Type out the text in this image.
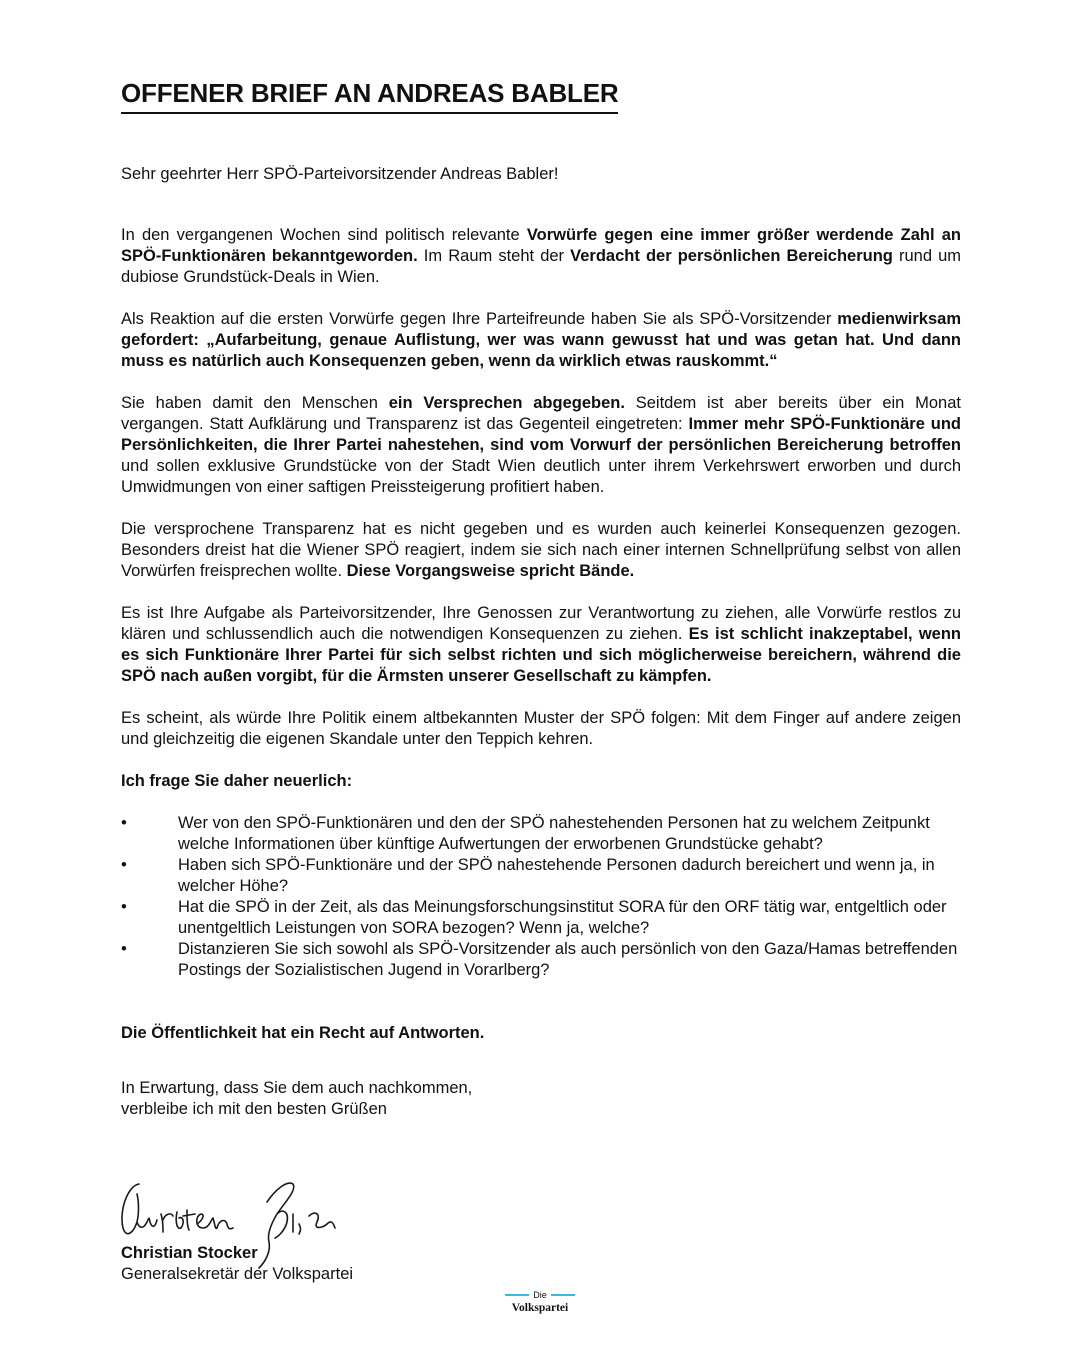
OFFENER BRIEF AN ANDREAS BABLER
Sehr geehrter Herr SPÖ-Parteivorsitzender Andreas Babler!
In den vergangenen Wochen sind politisch relevante Vorwürfe gegen eine immer größer werdende Zahl an SPÖ-Funktionären bekanntgeworden. Im Raum steht der Verdacht der persönlichen Bereicherung rund um dubiose Grundstück-Deals in Wien.
Als Reaktion auf die ersten Vorwürfe gegen Ihre Parteifreunde haben Sie als SPÖ-Vorsitzender medienwirksam gefordert: „Aufarbeitung, genaue Auflistung, wer was wann gewusst hat und was getan hat. Und dann muss es natürlich auch Konsequenzen geben, wenn da wirklich etwas rauskommt.“
Sie haben damit den Menschen ein Versprechen abgegeben. Seitdem ist aber bereits über ein Monat vergangen. Statt Aufklärung und Transparenz ist das Gegenteil eingetreten: Immer mehr SPÖ-Funktionäre und Persönlichkeiten, die Ihrer Partei nahestehen, sind vom Vorwurf der persönlichen Bereicherung betroffen und sollen exklusive Grundstücke von der Stadt Wien deutlich unter ihrem Verkehrswert erworben und durch Umwidmungen von einer saftigen Preissteigerung profitiert haben.
Die versprochene Transparenz hat es nicht gegeben und es wurden auch keinerlei Konsequenzen gezogen. Besonders dreist hat die Wiener SPÖ reagiert, indem sie sich nach einer internen Schnellprüfung selbst von allen Vorwürfen freisprechen wollte. Diese Vorgangsweise spricht Bände.
Es ist Ihre Aufgabe als Parteivorsitzender, Ihre Genossen zur Verantwortung zu ziehen, alle Vorwürfe restlos zu klären und schlussendlich auch die notwendigen Konsequenzen zu ziehen. Es ist schlicht inakzeptabel, wenn es sich Funktionäre Ihrer Partei für sich selbst richten und sich möglicherweise bereichern, während die SPÖ nach außen vorgibt, für die Ärmsten unserer Gesellschaft zu kämpfen.
Es scheint, als würde Ihre Politik einem altbekannten Muster der SPÖ folgen: Mit dem Finger auf andere zeigen und gleichzeitig die eigenen Skandale unter den Teppich kehren.
Ich frage Sie daher neuerlich:
•	Wer von den SPÖ-Funktionären und den der SPÖ nahestehenden Personen hat zu welchem Zeitpunkt welche Informationen über künftige Aufwertungen der erworbenen Grundstücke gehabt?
•	Haben sich SPÖ-Funktionäre und der SPÖ nahestehende Personen dadurch bereichert und wenn ja, in welcher Höhe?
•	Hat die SPÖ in der Zeit, als das Meinungsforschungsinstitut SORA für den ORF tätig war, entgeltlich oder unentgeltlich Leistungen von SORA bezogen? Wenn ja, welche?
•	Distanzieren Sie sich sowohl als SPÖ-Vorsitzender als auch persönlich von den Gaza/Hamas betreffenden Postings der Sozialistischen Jugend in Vorarlberg?
Die Öffentlichkeit hat ein Recht auf Antworten.
In Erwartung, dass Sie dem auch nachkommen,
verbleibe ich mit den besten Grüßen
Christian Stocker
Generalsekretär der Volkspartei
Die
Volkspartei
